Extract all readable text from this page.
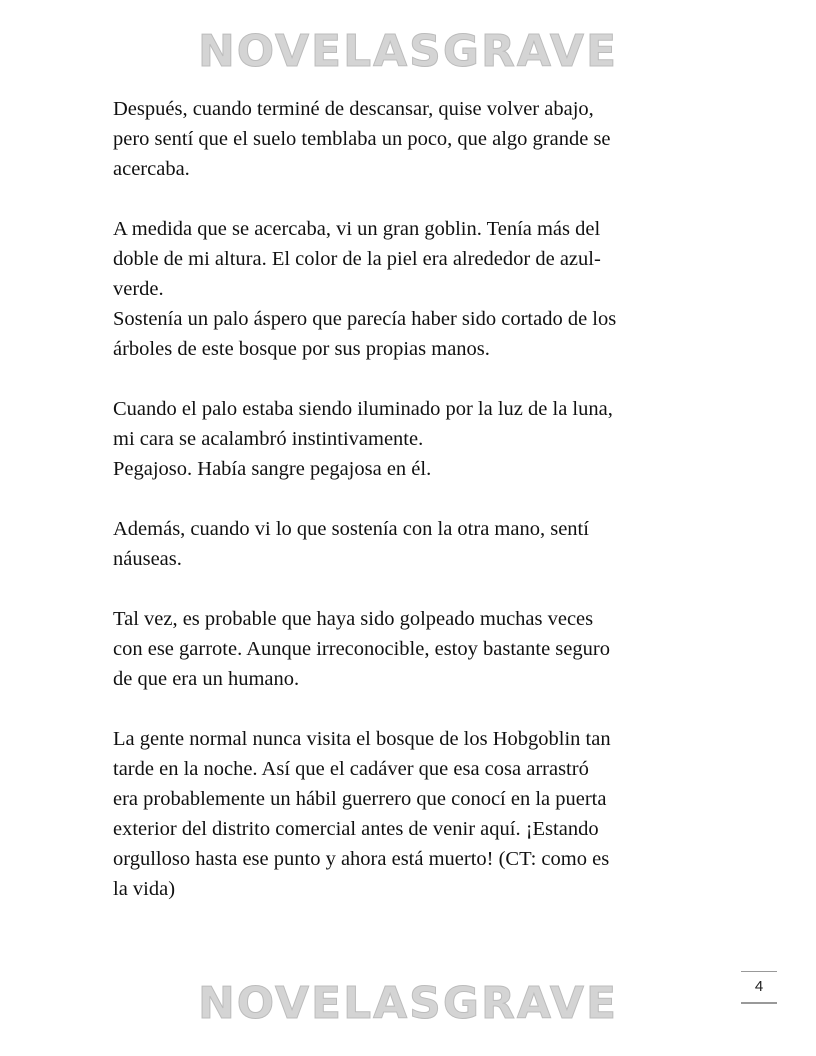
NOVELASGRAVE

Después, cuando terminé de descansar, quise volver abajo,
pero sentí que el suelo temblaba un poco, que algo grande se
acercaba.

A medida que se acercaba, vi un gran goblin. Tenía más del
doble de mi altura. El color de la piel era alrededor de azul-
verde.

Sostenía un palo áspero que parecía haber sido cortado de los
árboles de este bosque por sus propias manos.

Cuando el palo estaba siendo iluminado por la luz de la luna,
mi cara se acalambró instintivamente.

Pegajoso. Había sangre pegajosa en él.

Además, cuando vi lo que sostenía con la otra mano, sentí
náuseas.

Tal vez, es probable que haya sido golpeado muchas veces
con ese garrote. Aunque irreconocible, estoy bastante seguro
de que era un humano.

La gente normal nunca visita el bosque de los Hobgoblin tan
tarde en la noche. Así que el cadáver que esa cosa arrastró
era probablemente un hábil guerrero que conocí en la puerta
exterior del distrito comercial antes de venir aquí. ¡Estando
orgulloso hasta ese punto y ahora está muerto! (CT: como es
la vida)

4
NOVELASGRAVE
